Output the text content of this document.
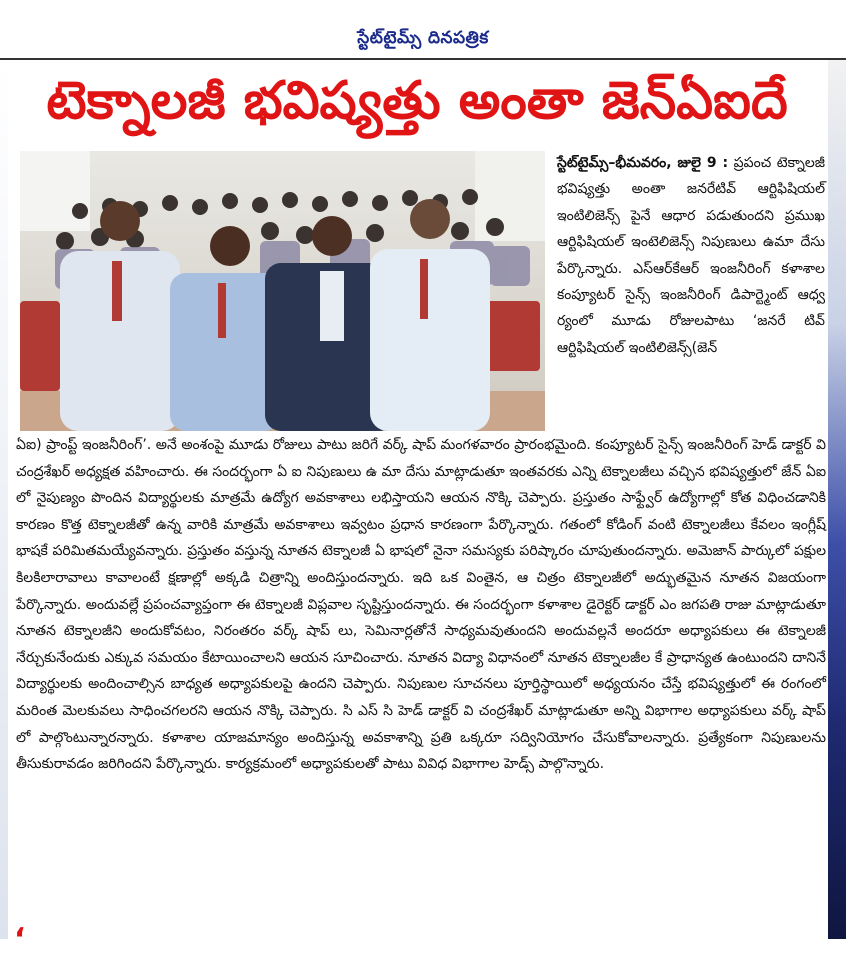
స్టేట్‌టైమ్స్ దినపత్రిక
టెక్నాలజీ భవిష్యత్తు అంతా జెన్‌ఏఐదే
స్టేట్‌టైమ్స్–భీమవరం, జులై 9 : ప్రపంచ టెక్నాలజీ భవిష్యత్తు అంతా జనరేటివ్ ఆర్టిఫిషియల్ ఇంటిలిజెన్స్ పైనే ఆధార పడుతుందని ప్రముఖ ఆర్టిఫిషియల్ ఇంటెలిజెన్స్ నిపుణులు ఉమా దేసు పేర్కొన్నారు. ఎస్ఆర్‌కేఆర్ ఇంజనీరింగ్ కళాశాల కంప్యూటర్ సైన్స్ ఇంజనీరింగ్ డిపార్ట్మెంట్ ఆధ్వ ర్యంలో మూడు రోజులపాటు ‘జనరే టివ్ ఆర్టిఫిషియల్ ఇంటిలిజెన్స్(జెన్
ఏఐ) ప్రాంప్ట్ ఇంజనీరింగ్’. అనే అంశంపై మూడు రోజులు పాటు జరిగే వర్క్ షాప్ మంగళవారం ప్రారంభమైంది. కంప్యూటర్ సైన్స్ ఇంజనీరింగ్ హెడ్ డాక్టర్ వి చంద్రశేఖర్ అధ్యక్షత వహించారు. ఈ సందర్భంగా ఏ ఐ నిపుణులు ఉ మా దేసు మాట్లాడుతూ ఇంతవరకు ఎన్ని టెక్నాలజీలు వచ్చిన భవిష్యత్తులో జేన్ ఏఐ లో నైపుణ్యం పొందిన విద్యార్థులకు మాత్రమే ఉద్యోగ అవకాశాలు లభిస్తాయని ఆయన నొక్కి చెప్పారు. ప్రస్తుతం సాఫ్ట్వేర్ ఉద్యోగాల్లో కోత విధించడానికి కారణం కొత్త టెక్నాలజీతో ఉన్న వారికి మాత్రమే అవకాశాలు ఇవ్వటం ప్రధాన కారణంగా పేర్కొన్నారు. గతంలో కోడింగ్ వంటి టెక్నాలజీలు కేవలం ఇంగ్లీష్ భాషకే పరిమితమయ్యేవన్నారు. ప్రస్తుతం వస్తున్న నూతన టెక్నాలజీ ఏ భాషలో నైనా సమస్యకు పరిష్కారం చూపుతుందన్నారు. అమెజాన్ పార్కులో పక్షుల కిలకిలారావాలు కావాలంటే క్షణాల్లో అక్కడి చిత్రాన్ని అందిస్తుందన్నారు. ఇది ఒక వింతైన, ఆ చిత్రం టెక్నాలజీలో అద్భుతమైన నూతన విజయంగా పేర్కొన్నారు. అందువల్లే ప్రపంచవ్యాప్తంగా ఈ టెక్నాలజీ విప్లవాల సృష్టిస్తుందన్నారు. ఈ సందర్భంగా కళాశాల డైరెక్టర్ డాక్టర్ ఎం జగపతి రాజు మాట్లాడుతూ నూతన టెక్నాలజీని అందుకోవటం, నిరంతరం వర్క్ షాప్ లు, సెమినార్లతోనే సాధ్యమవుతుందని అందువల్లనే అందరూ అధ్యాపకులు ఈ టెక్నాలజీ నేర్చుకునేందుకు ఎక్కువ సమయం కేటాయించాలని ఆయన సూచించారు. నూతన విద్యా విధానంలో నూతన టెక్నాలజీల కే ప్రాధాన్యత ఉంటుందని దానినే విద్యార్థులకు అందించాల్సిన బాధ్యత అధ్యాపకులపై ఉందని చెప్పారు. నిపుణుల సూచనలు పూర్తిస్థాయిలో అధ్యయనం చేస్తే భవిష్యత్తులో ఈ రంగంలో మరింత మెలకువలు సాధించగలరని ఆయన నొక్కి చెప్పారు. సి ఎస్ సి హెడ్ డాక్టర్ వి చంద్రశేఖర్ మాట్లాడుతూ అన్ని విభాగాల అధ్యాపకులు వర్క్ షాప్ లో పాల్గొంటున్నారన్నారు. కళాశాల యాజమాన్యం అందిస్తున్న అవకాశాన్ని ప్రతి ఒక్కరూ సద్వినియోగం చేసుకోవాలన్నారు. ప్రత్యేకంగా నిపుణులను తీసుకురావడం జరిగిందని పేర్కొన్నారు. కార్యక్రమంలో అధ్యాపకులతో పాటు వివిధ విభాగాల హెడ్స్ పాల్గొన్నారు.
‘
